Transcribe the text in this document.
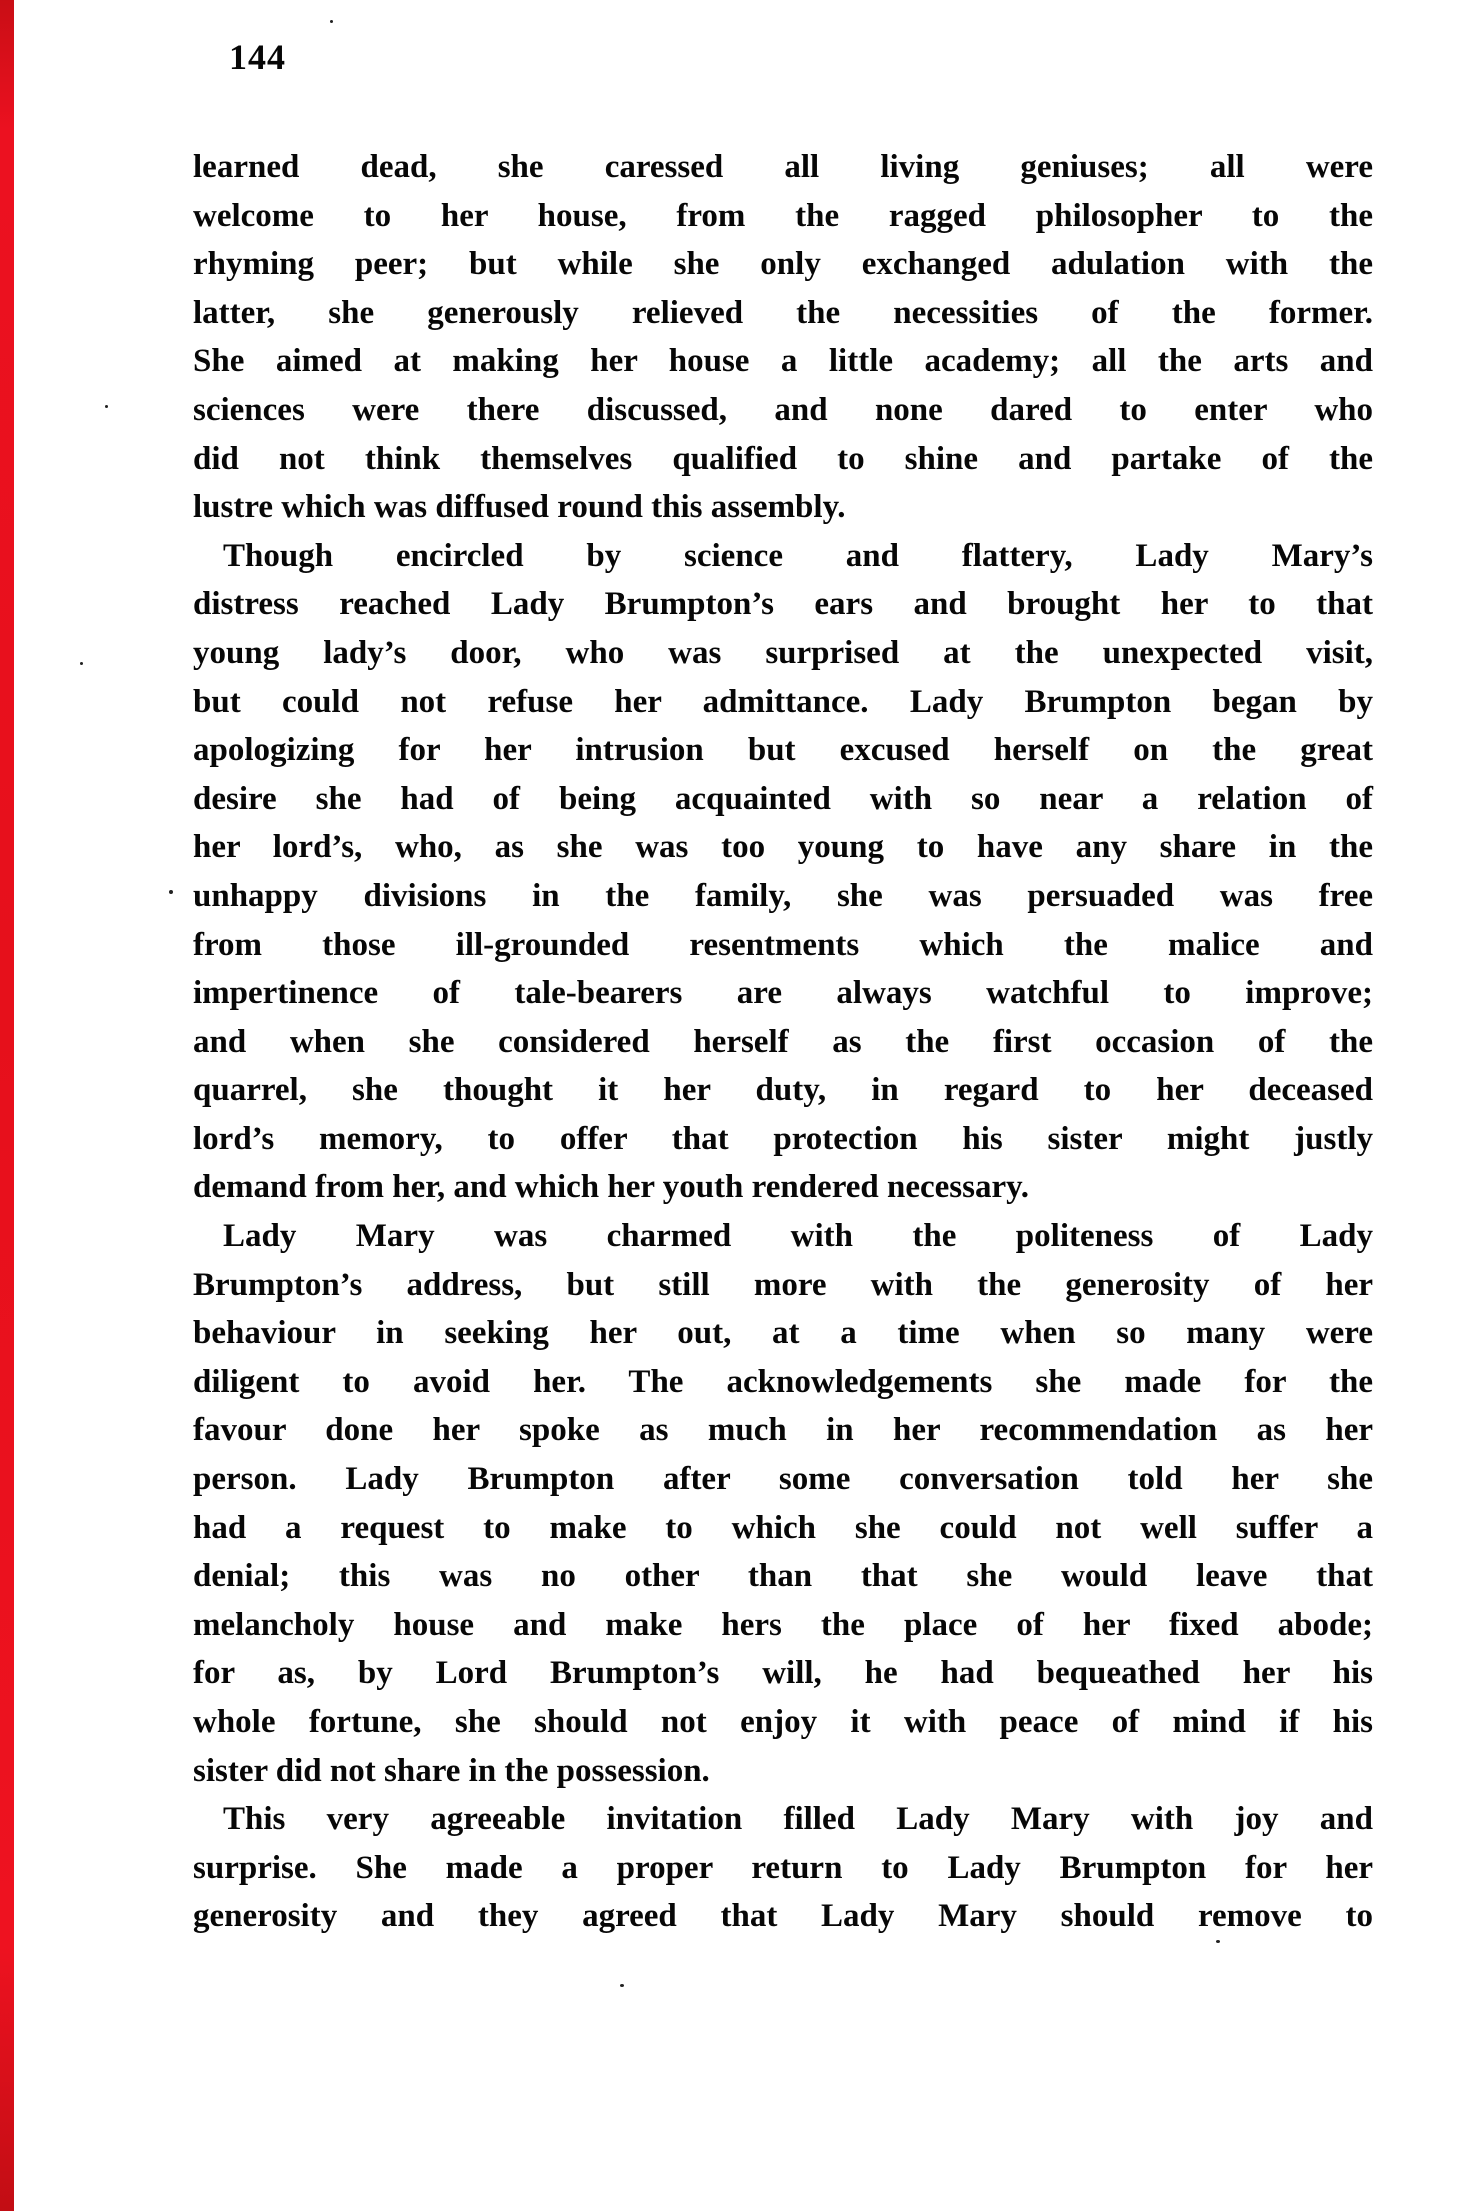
144

learned dead, she caressed all living geniuses; all were
welcome to her house, from the ragged philosopher to the
rhyming peer; but while she only exchanged adulation with the
latter, she generously relieved the necessities of the former.
She aimed at making her house a little academy; all the arts and
sciences were there discussed, and none dared to enter who
did not think themselves qualified to shine and partake of the
lustre which was diffused round this assembly.

Though encircled by science and flattery, Lady Mary’s
distress reached Lady Brumpton’s ears and brought her to that
young lady’s door, who was surprised at the unexpected visit,
but could not refuse her admittance. Lady Brumpton began by
apologizing for her intrusion but excused herself on the great
desire she had of being acquainted with so near a relation of
her lord’s, who, as she was too young to have any share in the
unhappy divisions in the family, she was persuaded was free
from those ill-grounded resentments which the malice and
impertinence of tale-bearers are always watchful to improve;
and when she considered herself as the first occasion of the
quarrel, she thought it her duty, in regard to her deceased
lord’s memory, to offer that protection his sister might justly
demand from her, and which her youth rendered necessary.

Lady Mary was charmed with the politeness of Lady
Brumpton’s address, but still more with the generosity of her
behaviour in seeking her out, at a time when so many were
diligent to avoid her. The acknowledgements she made for the
favour done her spoke as much in her recommendation as her
person. Lady Brumpton after some conversation told her she
had a request to make to which she could not well suffer a
denial; this was no other than that she would leave that
melancholy house and make hers the place of her fixed abode;
for as, by Lord Brumpton’s will, he had bequeathed her his
whole fortune, she should not enjoy it with peace of mind if his
sister did not share in the possession.

This very agreeable invitation filled Lady Mary with joy and
surprise. She made a proper return to Lady Brumpton for her
generosity and they agreed that Lady Mary should remove to
